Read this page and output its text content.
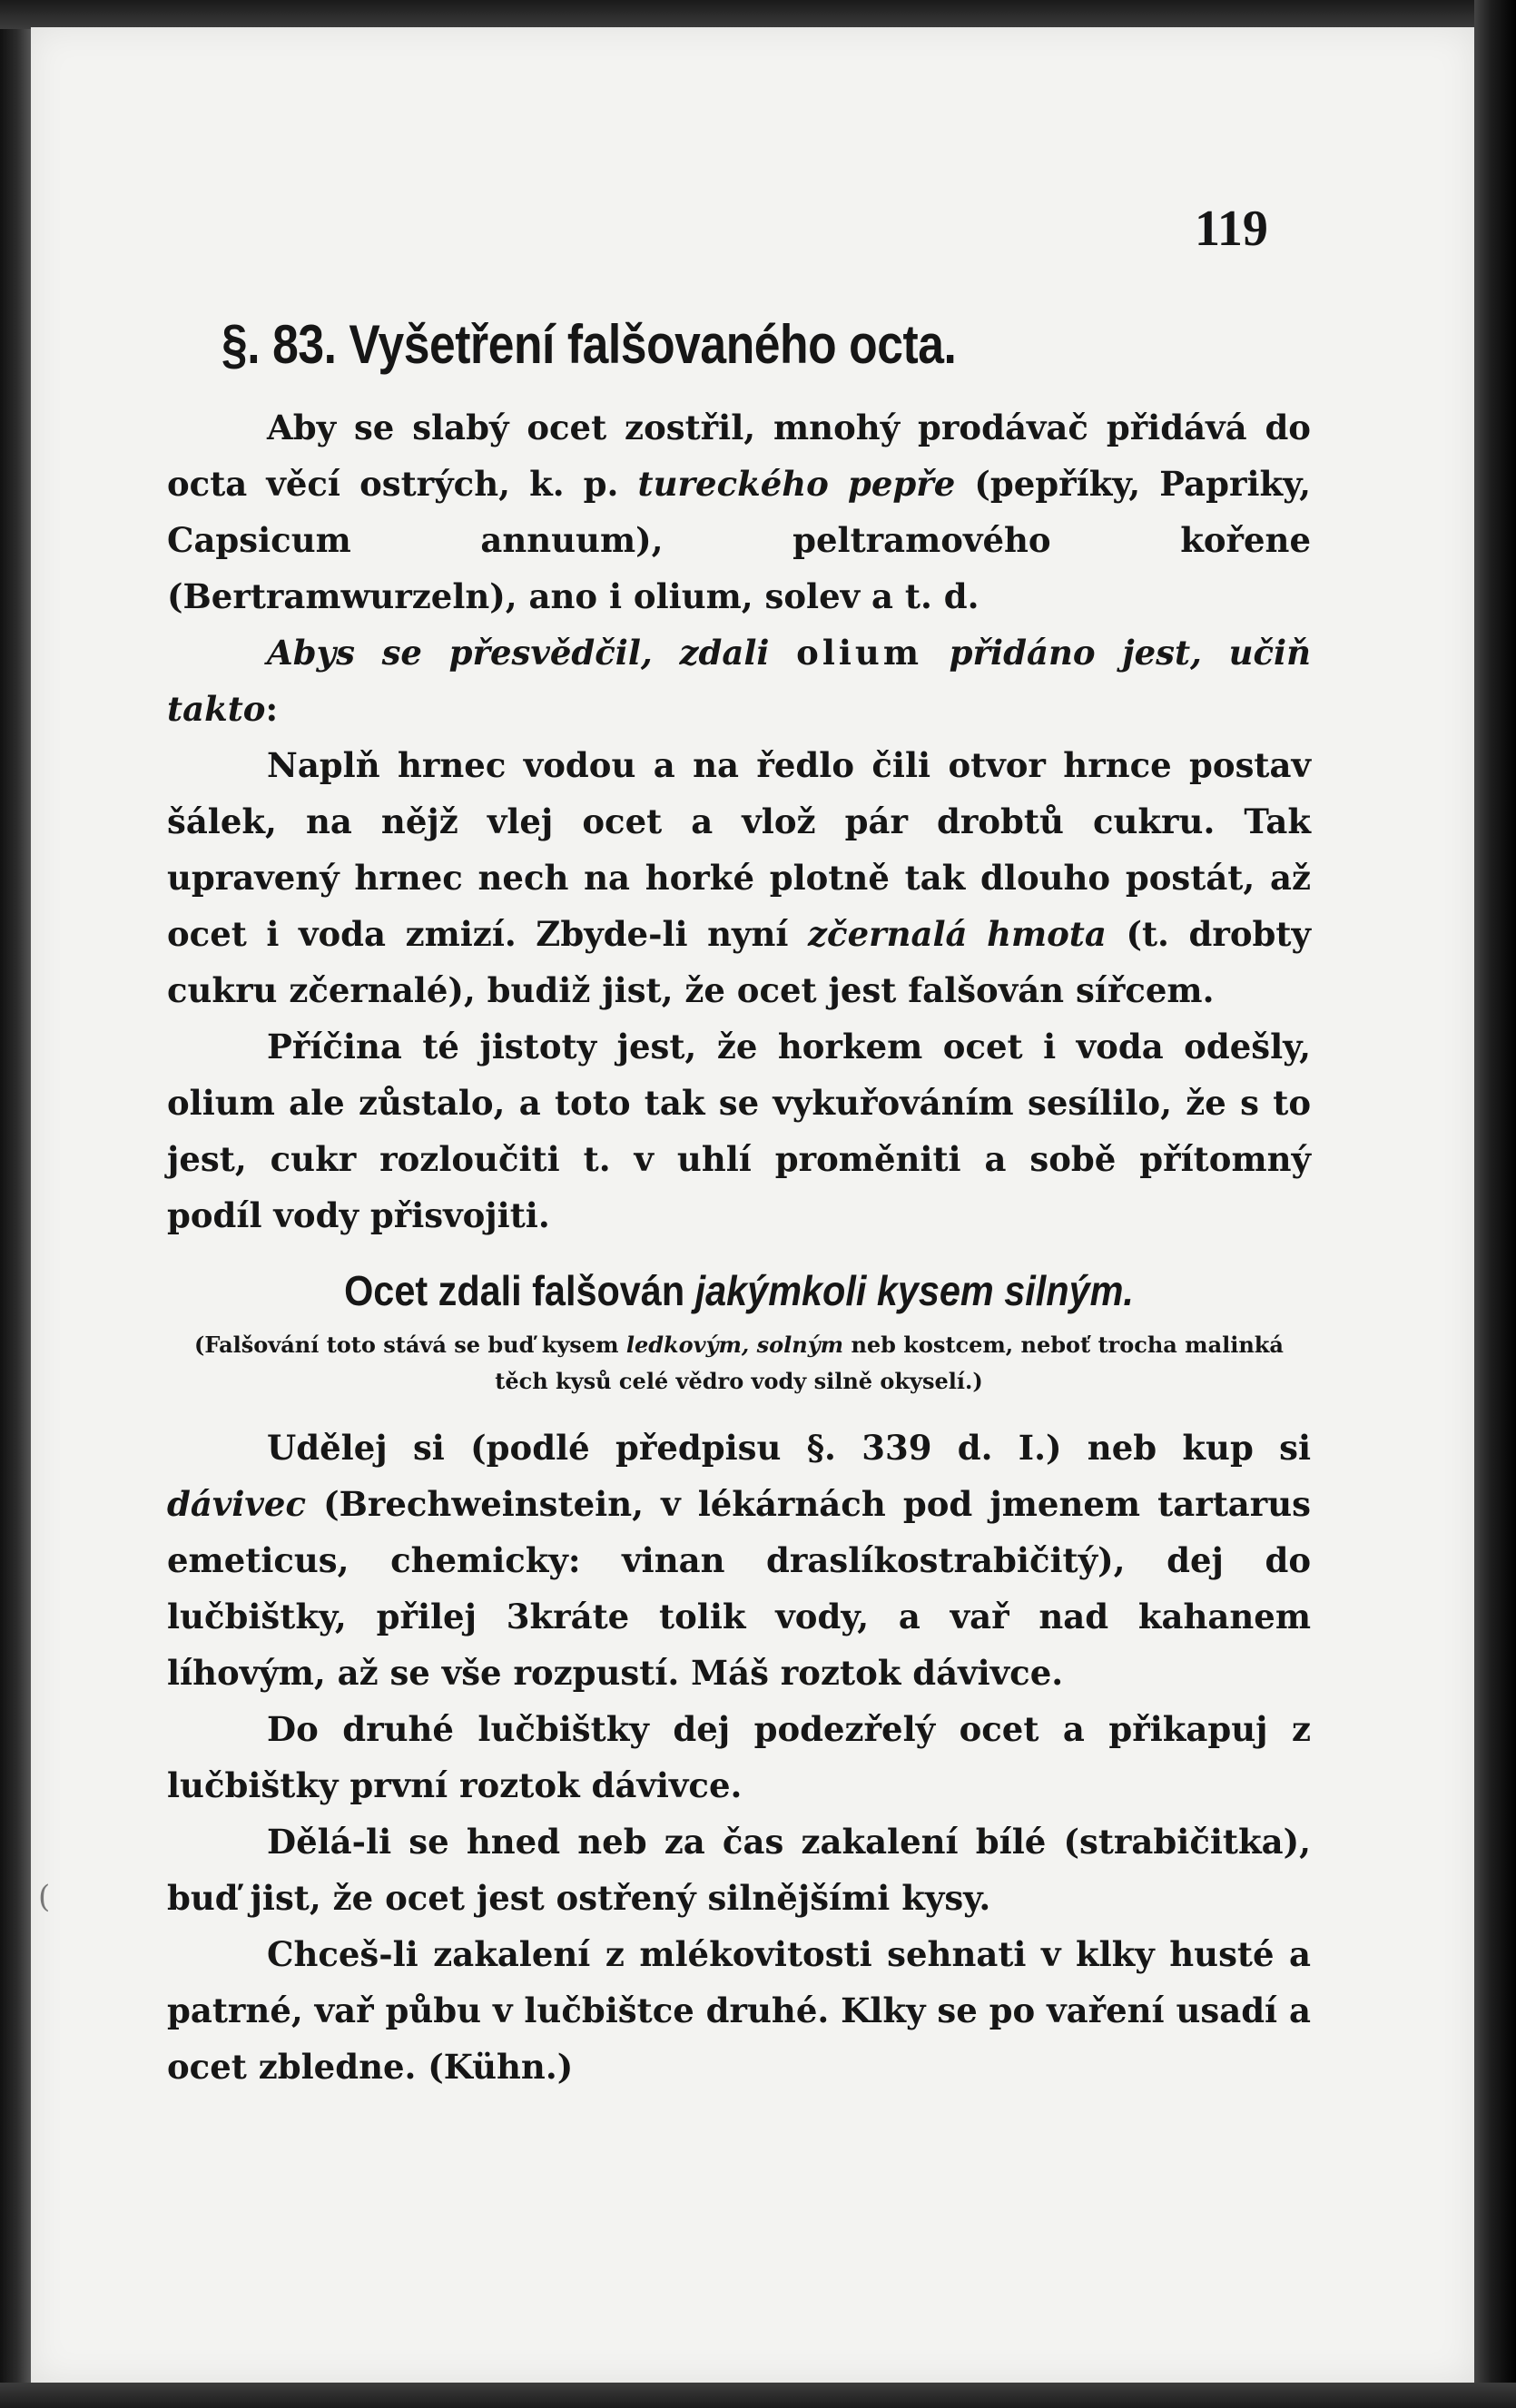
(

119

§. 83. Vyšetření falšovaného octa.

Aby se slabý ocet zostřil, mnohý prodávač přidává do octa věcí ostrých, k. p. tureckého pepře (pepříky, Papriky, Capsicum annuum), peltramového kořene (Bertramwurzeln), ano i olium, solev a t. d.

Abys se přesvědčil, zdali olium přidáno jest, učiň takto:

Naplň hrnec vodou a na ředlo čili otvor hrnce postav šálek, na nějž vlej ocet a vlož pár drobtů cukru. Tak upravený hrnec nech na horké plotně tak dlouho postát, až ocet i voda zmizí. Zbyde-li nyní zčernalá hmota (t. drobty cukru zčernalé), budiž jist, že ocet jest falšován sířcem.

Příčina té jistoty jest, že horkem ocet i voda odešly, olium ale zůstalo, a toto tak se vykuřováním sesílilo, že s to jest, cukr rozloučiti t. v uhlí proměniti a sobě přítomný podíl vody přisvojiti.

Ocet zdali falšován jakýmkoli kysem silným.

(Falšování toto stává se buď kysem ledkovým, solným neb kostcem, neboť trocha malinká těch kysů celé vědro vody silně okyselí.)

Udělej si (podlé předpisu §. 339 d. I.) neb kup si dávivec (Brechweinstein, v lékárnách pod jmenem tartarus emeticus, chemicky: vinan draslíkostrabičitý), dej do lučbištky, přilej 3kráte tolik vody, a vař nad kahanem líhovým, až se vše rozpustí. Máš roztok dávivce.

Do druhé lučbištky dej podezřelý ocet a přikapuj z lučbištky první roztok dávivce.

Dělá-li se hned neb za čas zakalení bílé (strabičitka), buď jist, že ocet jest ostřený silnějšími kysy.

Chceš-li zakalení z mlékovitosti sehnati v klky husté a patrné, vař půbu v lučbištce druhé. Klky se po vaření usadí a ocet zbledne. (Kühn.)
